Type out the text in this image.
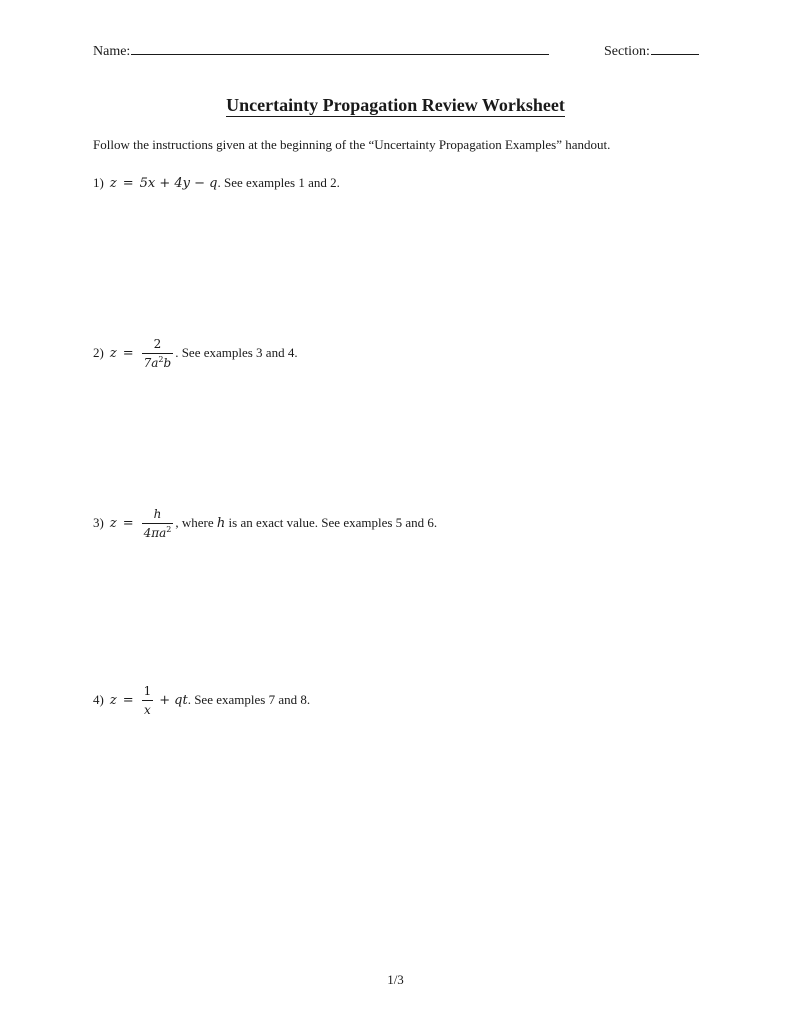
Name:	Section:
Uncertainty Propagation Review Worksheet
Follow the instructions given at the beginning of the “Uncertainty Propagation Examples” handout.
1) z = 5x + 4y − q . See examples 1 and 2.
2) $z = \frac{2}{7a^2b}$ . See examples 3 and 4.
3) $z = \frac{h}{4\pi a^2}$ , where h is an exact value. See examples 5 and 6.
4) $z = \frac{1}{x}$ + qt . See examples 7 and 8.
1/3
